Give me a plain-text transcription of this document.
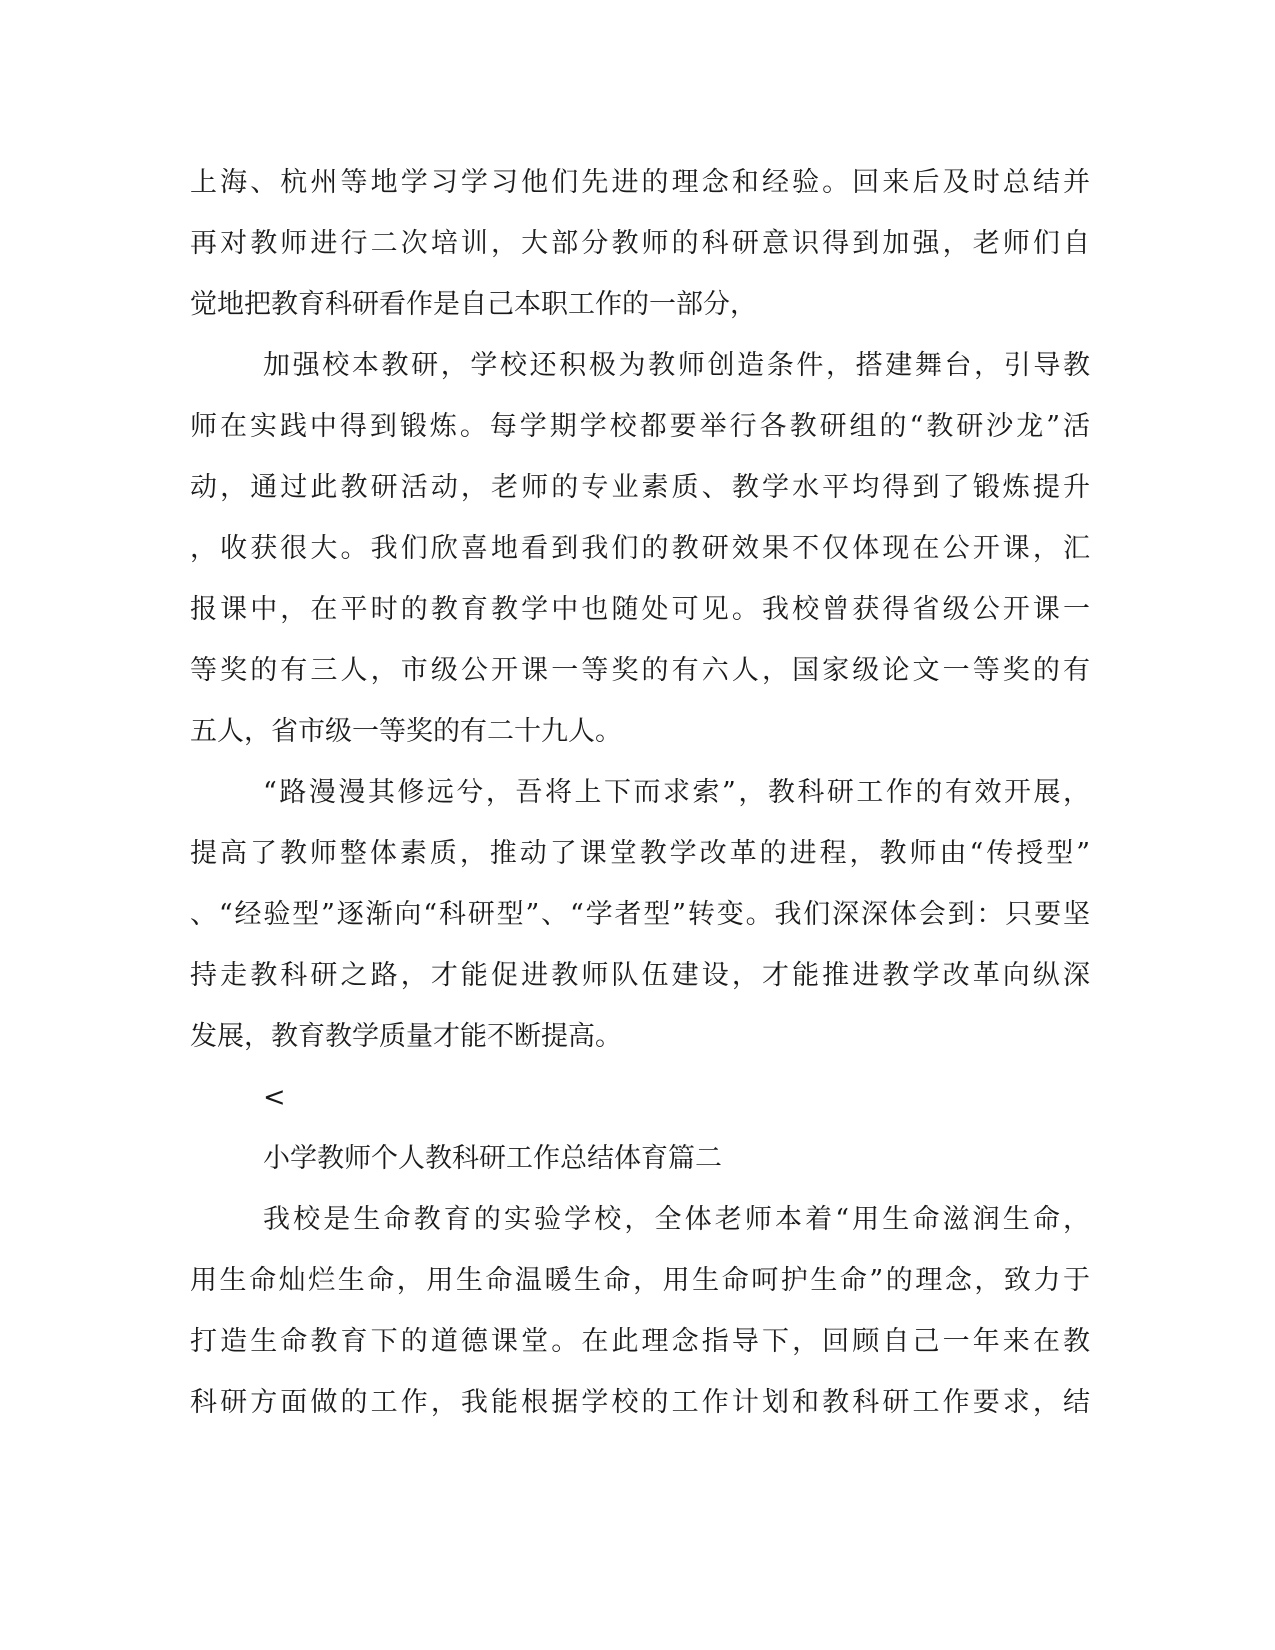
上海、杭州等地学习学习他们先进的理念和经验。回来后及时总结并
再对教师进行二次培训，大部分教师的科研意识得到加强，老师们自
觉地把教育科研看作是自己本职工作的一部分，
加强校本教研，学校还积极为教师创造条件，搭建舞台，引导教
师在实践中得到锻炼。每学期学校都要举行各教研组的“教研沙龙”活
动，通过此教研活动，老师的专业素质、教学水平均得到了锻炼提升
，收获很大。我们欣喜地看到我们的教研效果不仅体现在公开课，汇
报课中，在平时的教育教学中也随处可见。我校曾获得省级公开课一
等奖的有三人，市级公开课一等奖的有六人，国家级论文一等奖的有
五人，省市级一等奖的有二十九人。
“路漫漫其修远兮，吾将上下而求索”，教科研工作的有效开展，
提高了教师整体素质，推动了课堂教学改革的进程，教师由“传授型”
、“经验型”逐渐向“科研型”、“学者型”转变。我们深深体会到：只要坚
持走教科研之路，才能促进教师队伍建设，才能推进教学改革向纵深
发展，教育教学质量才能不断提高。
<
小学教师个人教科研工作总结体育篇二
我校是生命教育的实验学校，全体老师本着“用生命滋润生命，
用生命灿烂生命，用生命温暖生命，用生命呵护生命”的理念，致力于
打造生命教育下的道德课堂。在此理念指导下，回顾自己一年来在教
科研方面做的工作，我能根据学校的工作计划和教科研工作要求，结
